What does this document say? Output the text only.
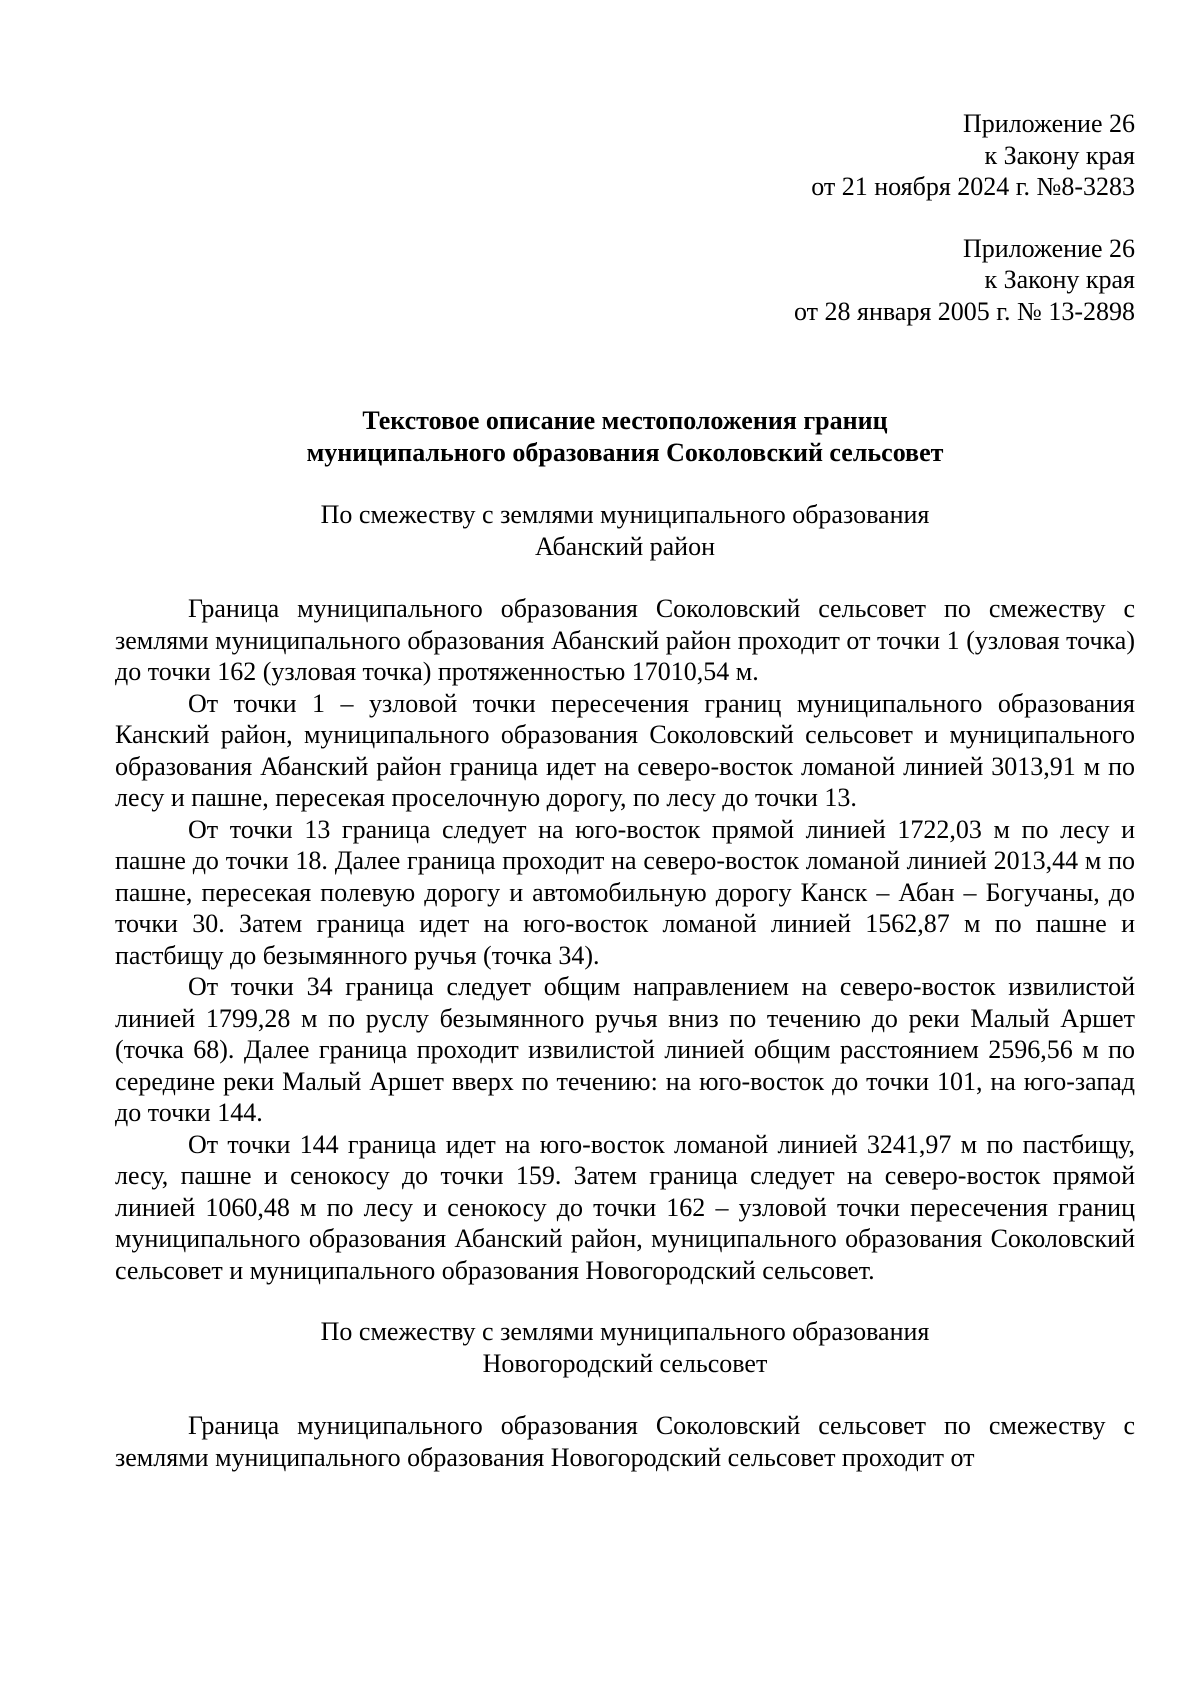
Приложение 26
к Закону края
от 21 ноября 2024 г. №8-3283
Приложение 26
к Закону края
от 28 января 2005 г. № 13-2898
Текстовое описание местоположения границ
муниципального образования Соколовский сельсовет
По смежеству с землями муниципального образования
Абанский район

Граница муниципального образования Соколовский сельсовет по смежеству с землями муниципального образования Абанский район проходит от точки 1 (узловая точка) до точки 162 (узловая точка) протяженностью 17010,54 м.

От точки 1 – узловой точки пересечения границ муниципального образования Канский район, муниципального образования Соколовский сельсовет и муниципального образования Абанский район граница идет на северо-восток ломаной линией 3013,91 м по лесу и пашне, пересекая проселочную дорогу, по лесу до точки 13.

От точки 13 граница следует на юго-восток прямой линией 1722,03 м по лесу и пашне до точки 18. Далее граница проходит на северо-восток ломаной линией 2013,44 м по пашне, пересекая полевую дорогу и автомобильную дорогу Канск – Абан – Богучаны, до точки 30. Затем граница идет на юго-восток ломаной линией 1562,87 м по пашне и пастбищу до безымянного ручья (точка 34).

От точки 34 граница следует общим направлением на северо-восток извилистой линией 1799,28 м по руслу безымянного ручья вниз по течению до реки Малый Аршет (точка 68). Далее граница проходит извилистой линией общим расстоянием 2596,56 м по середине реки Малый Аршет вверх по течению: на юго-восток до точки 101, на юго-запад до точки 144.

От точки 144 граница идет на юго-восток ломаной линией 3241,97 м по пастбищу, лесу, пашне и сенокосу до точки 159. Затем граница следует на северо-восток прямой линией 1060,48 м по лесу и сенокосу до точки 162 – узловой точки пересечения границ муниципального образования Абанский район, муниципального образования Соколовский сельсовет и муниципального образования Новогородский сельсовет.

По смежеству с землями муниципального образования
Новогородский сельсовет

Граница муниципального образования Соколовский сельсовет по смежеству с землями муниципального образования Новогородский сельсовет проходит от
